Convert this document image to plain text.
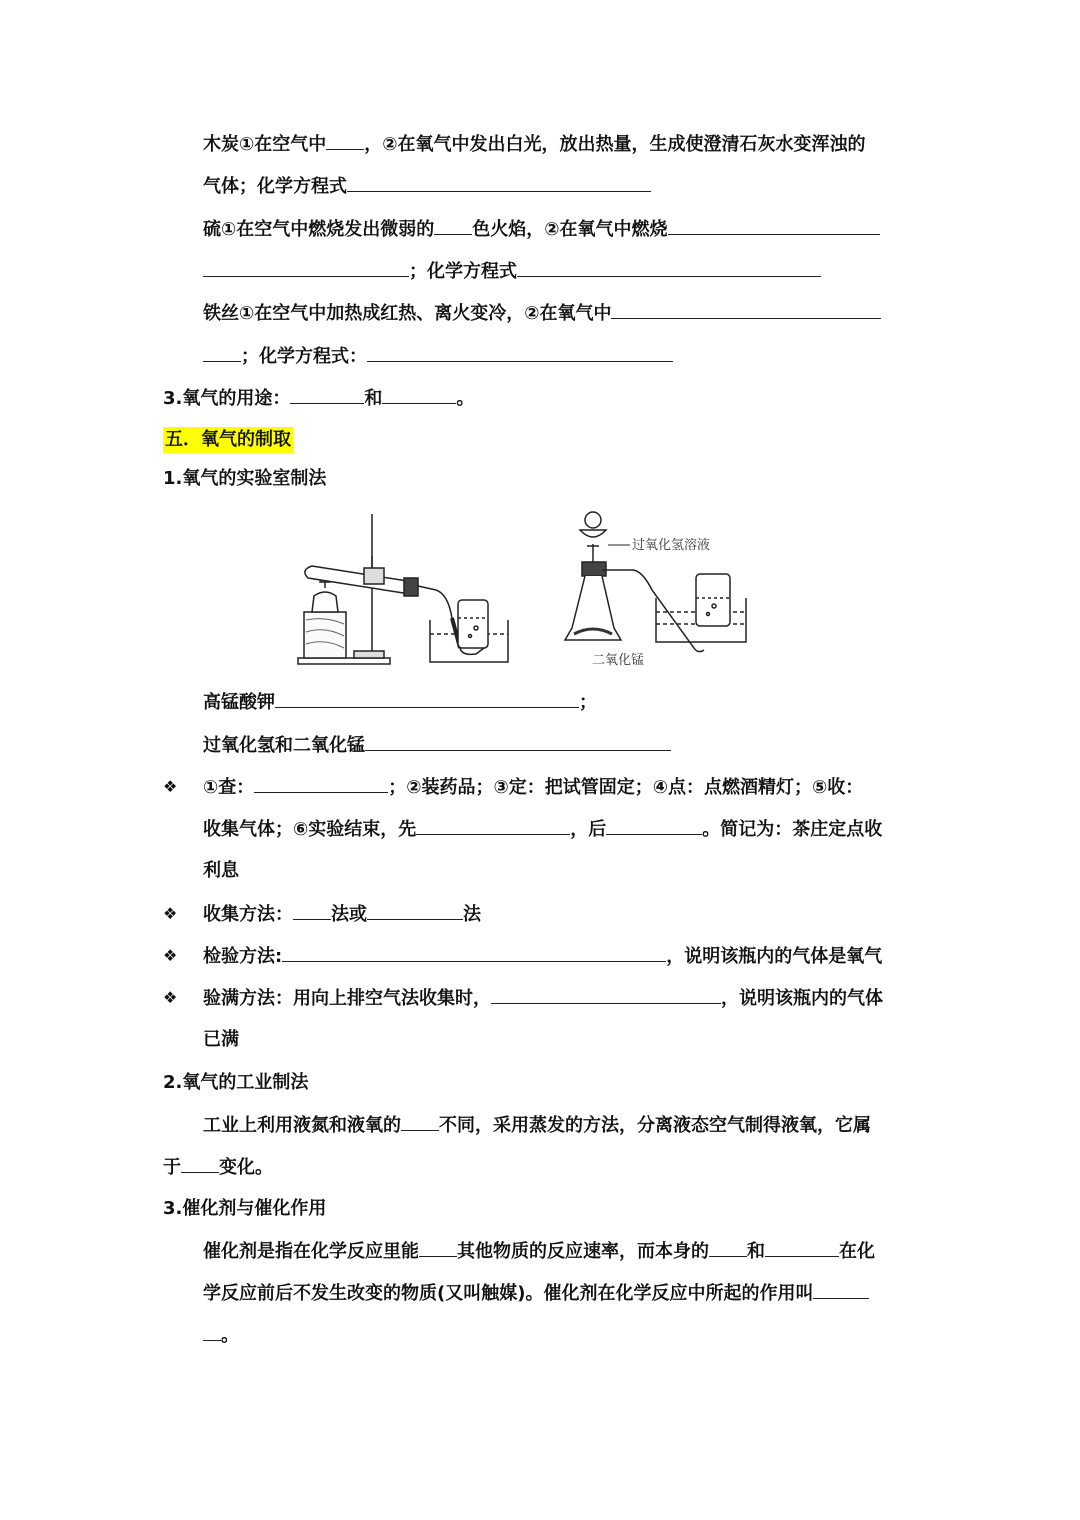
木炭①在空气中 ，②在氧气中发出白光，放出热量，生成使澄清石灰水变浑浊的
气体；化学方程式
硫①在空气中燃烧发出微弱的 色火焰，②在氧气中燃烧
；化学方程式
铁丝①在空气中加热成红热、离火变冷，②在氧气中
；化学方程式：
3.氧气的用途：	和	。
五．氧气的制取
1.氧气的实验室制法
过氧化氢溶液
二氧化锰
高锰酸钾	；
过氧化氢和二氧化锰
❖ ①查：	；②装药品；③定：把试管固定；④点：点燃酒精灯；⑤收：
收集气体；⑥实验结束，先	，后	。简记为：茶庄定点收
利息
❖ 收集方法： 法或	法
❖ 检验方法:	，说明该瓶内的气体是氧气
❖ 验满方法：用向上排空气法收集时，	，说明该瓶内的气体
已满
2.氧气的工业制法
工业上利用液氮和液氧的 不同，采用蒸发的方法，分离液态空气制得液氧，它属
于 变化。
3.催化剂与催化作用
催化剂是指在化学反应里能 其他物质的反应速率，而本身的 和	在化
学反应前后不发生改变的物质(又叫触媒)。催化剂在化学反应中所起的作用叫
。
